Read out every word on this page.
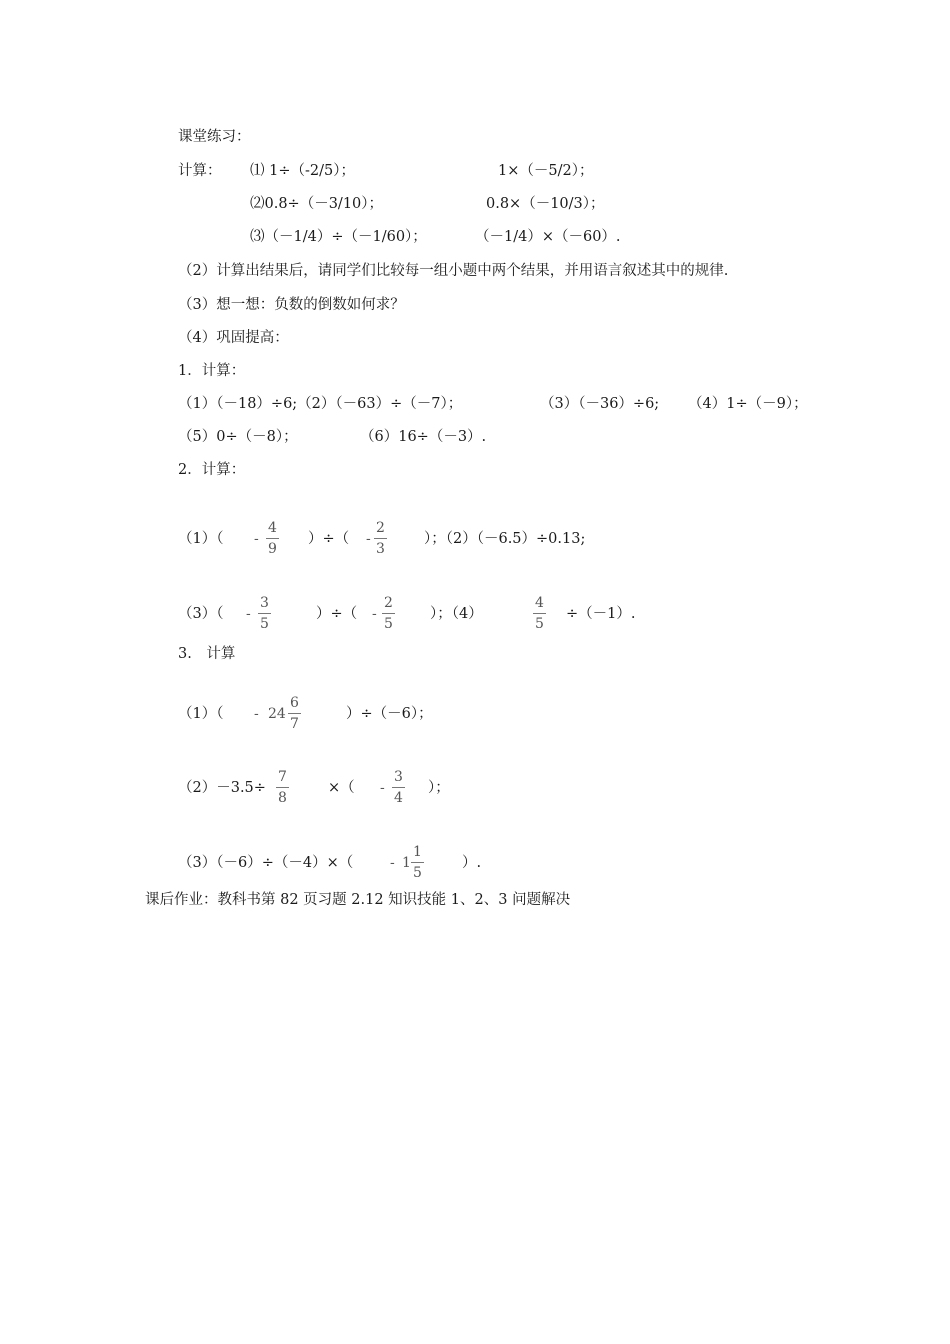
课堂练习：
计算： ⑴ 1÷（-2/5）；	1×（－5/2）；
⑵0.8÷（－3/10）；	0.8×（－10/3）；
⑶（－1/4）÷（－1/60）；	（－1/4）×（－60）.
（2）计算出结果后，请同学们比较每一组小题中两个结果，并用语言叙述其中的规律.
（3）想一想：负数的倒数如何求？
（4）巩固提高：
1．计算：
（1）（－18）÷6;（2）（－63）÷（－7）；	（3）（－36）÷6; （4）1÷（－9）；
（5）0÷（－8）；	（6）16÷（－3）.
2．计算：
（1）（ -
4
9
）÷（ -
2
3
）；（2）（－6.5）÷0.13;
（3）（ -
3
5
）÷（ -
2
5
）；（4）
4
5
÷（－1）.
3.　计算
（1）（ - 24
6
7
）÷（－6）；
（2）－3.5÷
7
8
×（ -
3
4
）；
（3）（－6）÷（－4）×（	- 1
1
5
）.
课后作业：教科书第 82 页习题 2.12 知识技能 1、2、3 问题解决
